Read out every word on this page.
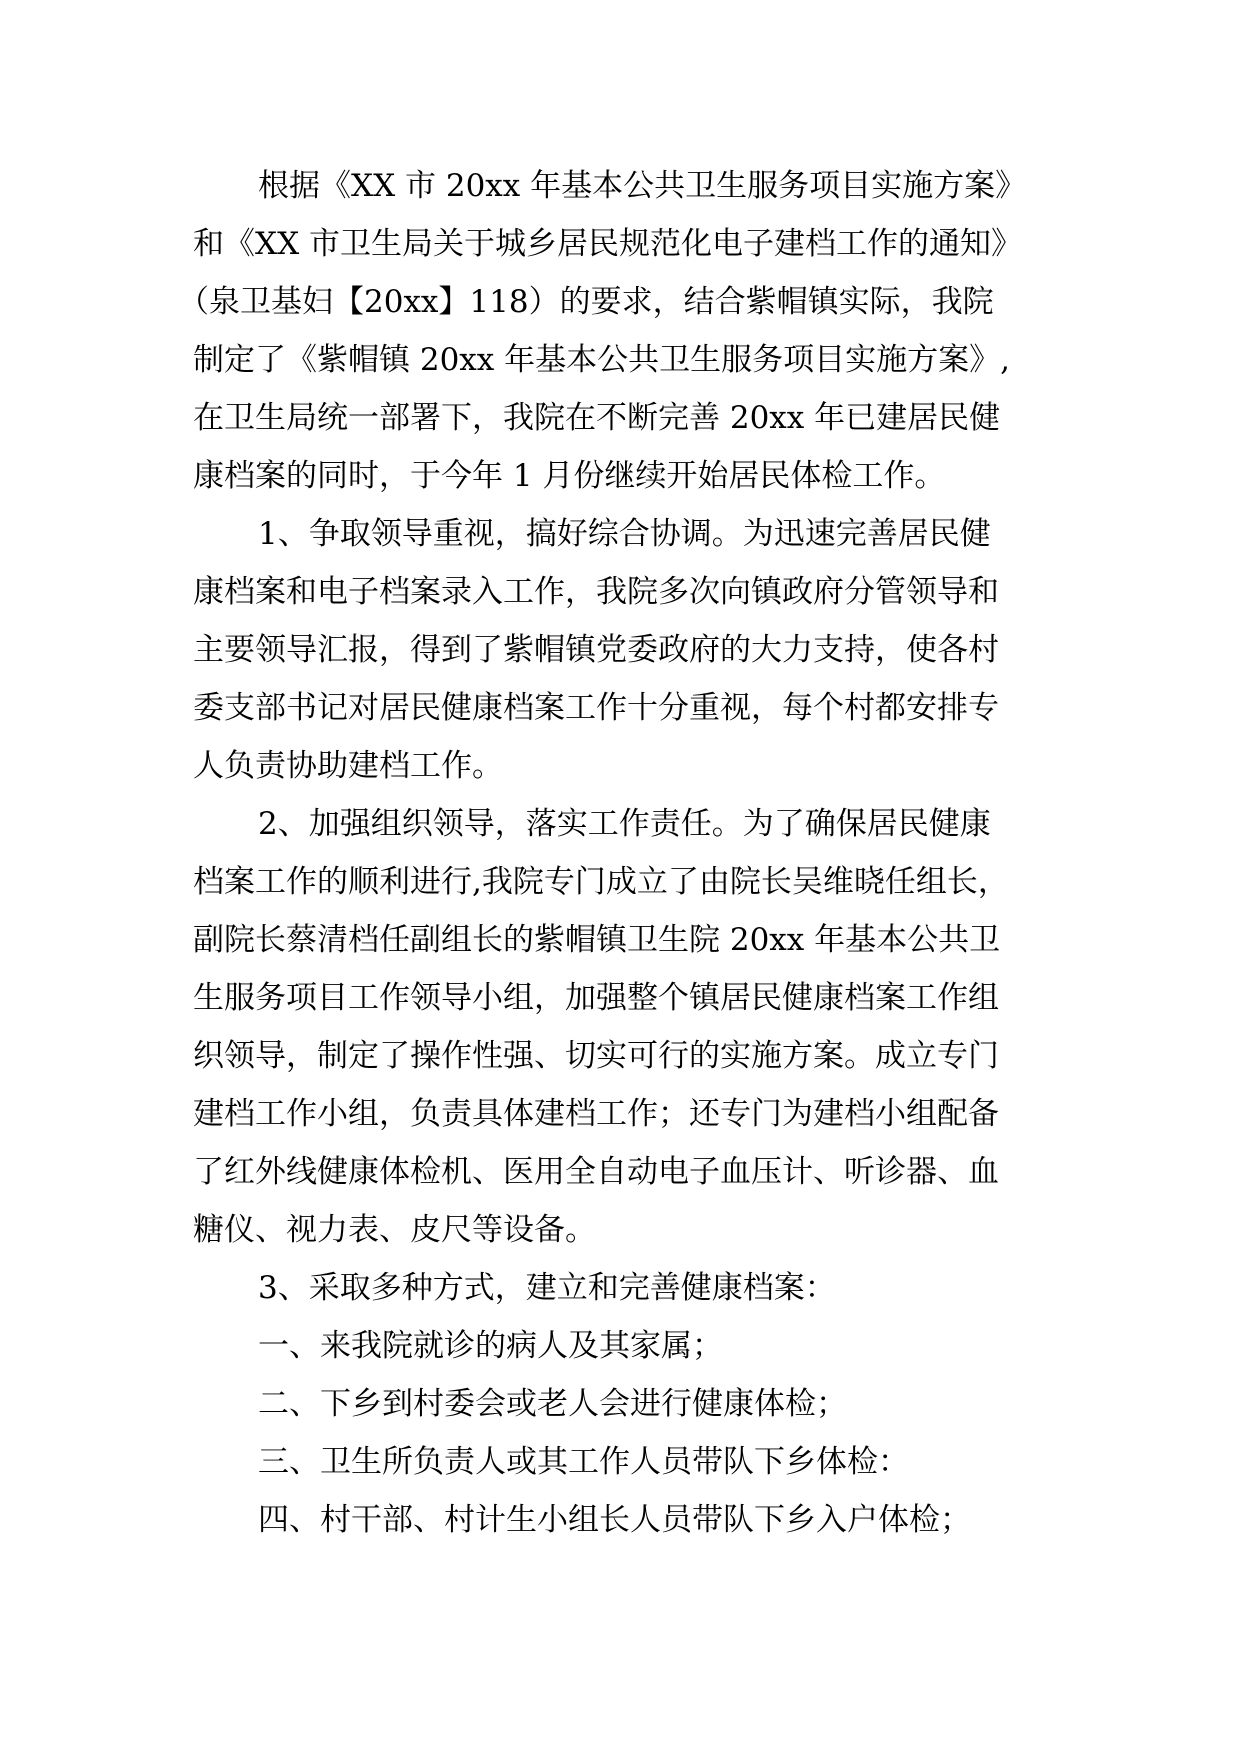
根据《XX 市 20xx 年基本公共卫生服务项目实施方案》

和《XX 市卫生局关于城乡居民规范化电子建档工作的通知》

（泉卫基妇【20xx】118）的要求，结合紫帽镇实际，我院

制定了《紫帽镇 20xx 年基本公共卫生服务项目实施方案》,

在卫生局统一部署下，我院在不断完善 20xx 年已建居民健

康档案的同时，于今年 1 月份继续开始居民体检工作。

1、争取领导重视，搞好综合协调。为迅速完善居民健

康档案和电子档案录入工作，我院多次向镇政府分管领导和

主要领导汇报，得到了紫帽镇党委政府的大力支持，使各村

委支部书记对居民健康档案工作十分重视，每个村都安排专

人负责协助建档工作。

2、加强组织领导，落实工作责任。为了确保居民健康

档案工作的顺利进行,我院专门成立了由院长吴维晓任组长，

副院长蔡清档任副组长的紫帽镇卫生院 20xx 年基本公共卫

生服务项目工作领导小组，加强整个镇居民健康档案工作组

织领导，制定了操作性强、切实可行的实施方案。成立专门

建档工作小组，负责具体建档工作；还专门为建档小组配备

了红外线健康体检机、医用全自动电子血压计、听诊器、血

糖仪、视力表、皮尺等设备。

3、采取多种方式，建立和完善健康档案：

一、来我院就诊的病人及其家属；

二、下乡到村委会或老人会进行健康体检；

三、卫生所负责人或其工作人员带队下乡体检：

四、村干部、村计生小组长人员带队下乡入户体检；
